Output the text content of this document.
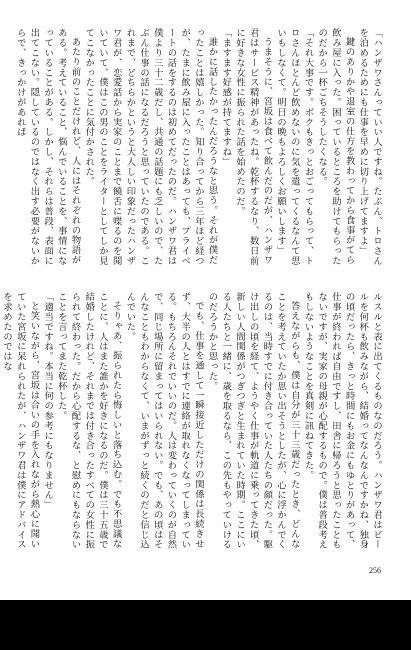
「ハンザワさんっていい人ですね。たぶん、トロさんを泊めるためにも仕事を早めに切り上げてますよ」

鍵のありかや退室の仕方を教わってから食事がてら飲み屋に入った。困っているところを助けてもらったのだから一杯ごちそうしたくなる。

「それ大事です。ボクもきっとおごってもらって、トロさんほとんど飲めないのに気を遣ってくるなんて思いもしなくて。明日の晩もよろしくお願いします」

うまそうに、宮坂は食べて飲んだのだが、ハンザワ君はサービス精神があったね。乾杯するなり、数日前に好きな女性に振られた話を始めたのだ。

「ますます好感が持てますね」

誰かに話したかったんだろうなと思う。それが僕だったことは嬉しかった。知り合ってから三年ほど経つが、たまに飲み屋に入ったことはあっても、プライベートの話をするのは初めてだったのだ。ハンザワ君は僕より三十二歳だし、共通の話題にも乏しいので、たぶん仕事の話になるだろうと思っていたのである。これまで、どちらかというと大人しい印象だったハンザワ君が、恋愛話から実家のことまで饒舌に喋るのを聞いていて、僕はこの男のことをライターとしてしか見てこなかったことに気付かされた。

あたり前のことだけれど、人にはそれぞれの物語がある。考えていること、悩んでいることを、事情になっていることがある。しかし、それらは普段、表面に出てこない。隠しているのではなく出す必要がないからで、きっかけがあれば

ルスルと表に出てくるものなのだろう。ハンザワ君はビールを何杯も飲みながら、結婚ってなんなんですかね、独身の頃だったら、きっと時間にもお金にもゆとりがあって、仕事が終われば自由ですし、田舎に帰ろうと思ったこともないですが、実家の母親が心配するもので。僕は普段考えもしないようなことを真剣に訊ねてきた。

答えながらも、僕は自分が三十三歳だったとき、どんなことを考えていたか思い出そうとしたが、心に浮かんでくるのは、当時すでに付き合っていた人たちの顔だった。駆け出しの頃を経て、ようやく仕事が軌道に乗ってきた頃、新しい人間関係がつぎつぎと生まれていた時期。ここにいる人たちと一緒に、歳を取るなら、この先もやっていけるのだろうかと思った。

でも、仕事を通して一瞬接近しただけの関係は長続きせず、大半の人とはすでに連絡が取れなくなってしまっている。もちろんそれでいいのだ。人は変わっていくのが自然で、同じ場所に留まってはいられない。でも、あの頃はそんなこともわからなくて、いまがずっと続くのだと信じ込んでいた。

そりゃあ、振られたら悔しいと落ち込む。でも不思議なことに、人はまた誰かを好きになるのだ。僕は三十五歳で結婚したけれど、それまでは付き合ったすべての女性に振られて終わった。だから心配するな、と慰めにもならないことを言ってまた乾杯した。

「適当ですね。本当に何の参考にもなりません」

と笑いながら、宮坂は合いの手を入れながら熱心に聞いていた宮坂に呆れられたが、ハンザワ君は僕にアドバイスを求めたのではな

256
